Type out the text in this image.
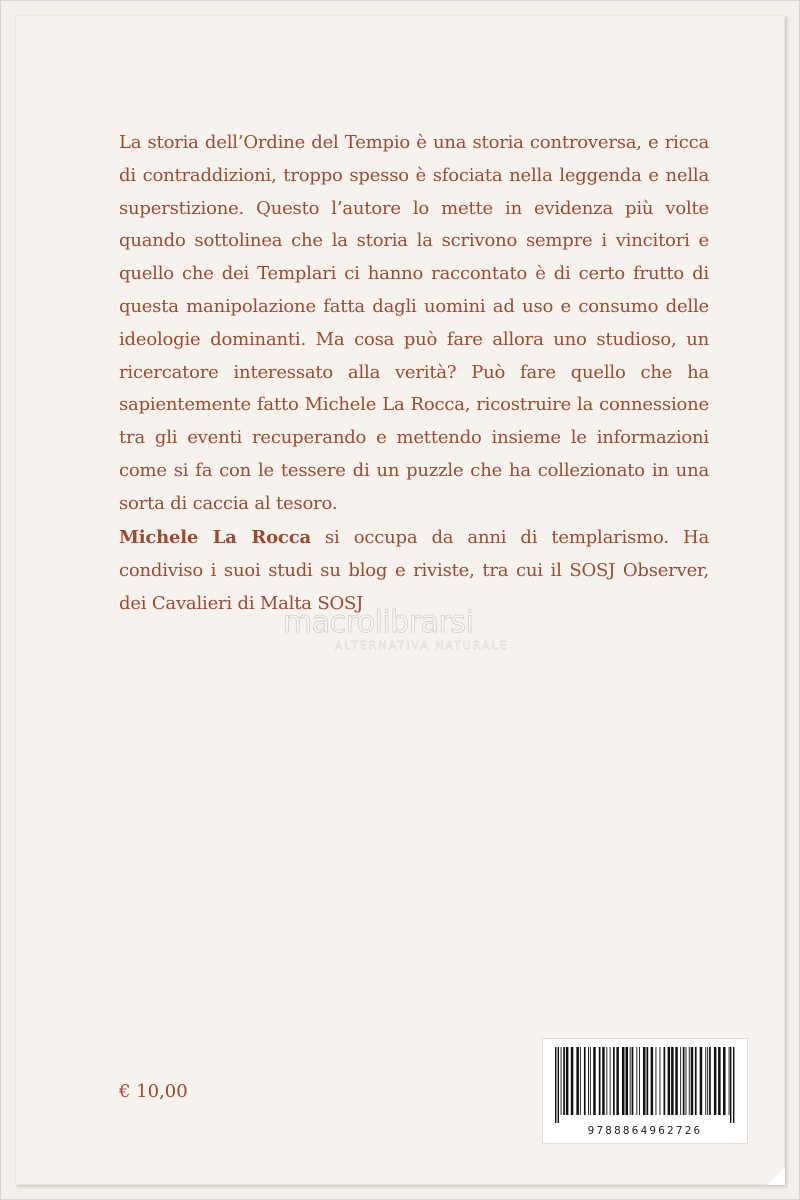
La storia dell’Ordine del Tempio è una storia controversa, e ricca di contraddizioni, troppo spesso è sfociata nella leggenda e nella superstizione. Questo l’autore lo mette in evidenza più volte quando sottolinea che la storia la scrivono sempre i vincitori e quello che dei Templari ci hanno raccontato è di certo frutto di questa manipolazione fatta dagli uomini ad uso e consumo delle ideologie dominanti. Ma cosa può fare allora uno studioso, un ricercatore interessato alla verità? Può fare quello che ha sapientemente fatto Michele La Rocca, ricostruire la connessione tra gli eventi recuperando e mettendo insieme le informazioni come si fa con le tessere di un puzzle che ha collezionato in una sorta di caccia al tesoro.

Michele La Rocca si occupa da anni di templarismo. Ha condiviso i suoi studi su blog e riviste, tra cui il SOSJ Observer, dei Cavalieri di Malta SOSJ

macrolibrarsi
ALTERNATIVA NATURALE
€ 10,00
9788864962726
